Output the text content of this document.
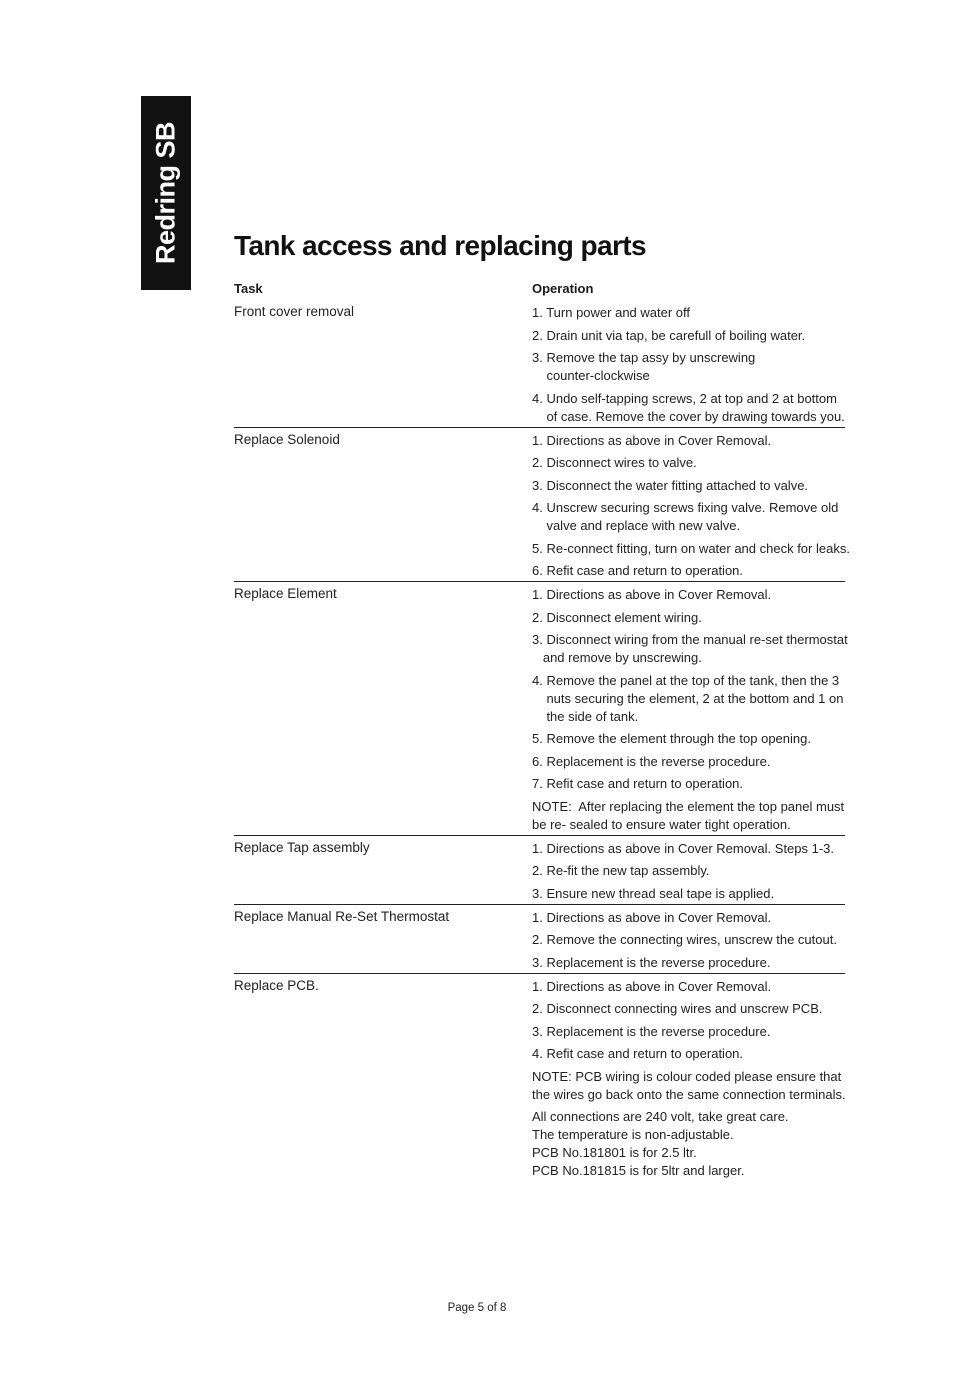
Redring SB Tank access and replacing parts
Task	Operation
Front cover removal	1. Turn power and water off
2. Drain unit via tap, be carefull of boiling water.
3. Remove the tap assy by unscrewing
counter-clockwise
4. Undo self-tapping screws, 2 at top and 2 at bottom
of case. Remove the cover by drawing towards you.
Replace Solenoid	1. Directions as above in Cover Removal.
2. Disconnect wires to valve.
3. Disconnect the water fitting attached to valve.
4. Unscrew securing screws fixing valve. Remove old
valve and replace with new valve.
5. Re-connect fitting, turn on water and check for leaks.
6. Refit case and return to operation.
Replace Element	1. Directions as above in Cover Removal.
2. Disconnect element wiring.
3. Disconnect wiring from the manual re-set thermostat
and remove by unscrewing.
4. Remove the panel at the top of the tank, then the 3
nuts securing the element, 2 at the bottom and 1 on
the side of tank.
5. Remove the element through the top opening.
6. Replacement is the reverse procedure.
7. Refit case and return to operation.
NOTE:  After replacing the element the top panel must
be re- sealed to ensure water tight operation.
Replace Tap assembly	1. Directions as above in Cover Removal. Steps 1-3.
2. Re-fit the new tap assembly.
3. Ensure new thread seal tape is applied.
Replace Manual Re-Set Thermostat	1. Directions as above in Cover Removal.
2. Remove the connecting wires, unscrew the cutout.
3. Replacement is the reverse procedure.
Replace PCB.	1. Directions as above in Cover Removal.
2. Disconnect connecting wires and unscrew PCB.
3. Replacement is the reverse procedure.
4. Refit case and return to operation.
NOTE: PCB wiring is colour coded please ensure that
the wires go back onto the same connection terminals.
All connections are 240 volt, take great care.
The temperature is non-adjustable.
PCB No.181801 is for 2.5 ltr.
PCB No.181815 is for 5ltr and larger.
Page 5 of 8
